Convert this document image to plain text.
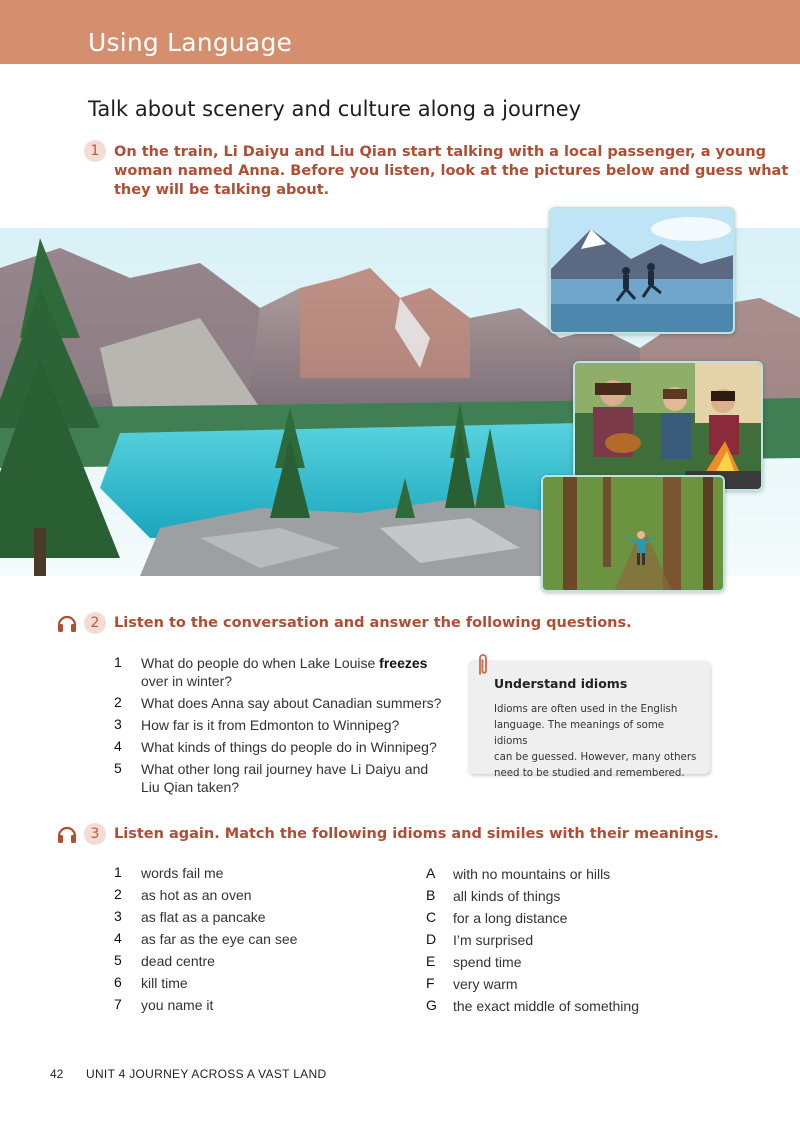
Using Language
Talk about scenery and culture along a journey
1	On the train, Li Daiyu and Liu Qian start talking with a local passenger, a young
woman named Anna. Before you listen, look at the pictures below and guess what
they will be talking about.
2	Listen to the conversation and answer the following questions.
1	What do people do when Lake Louise freezes
over in winter?
2	What does Anna say about Canadian summers?
3	How far is it from Edmonton to Winnipeg?
4	What kinds of things do people do in Winnipeg?
5	What other long rail journey have Li Daiyu and
Liu Qian taken?
Understand idioms
Idioms are often used in the English
language. The meanings of some idioms
can be guessed. However, many others
need to be studied and remembered.
3	Listen again. Match the following idioms and similes with their meanings.
1	words fail me
2	as hot as an oven
3	as flat as a pancake
4	as far as the eye can see
5	dead centre
6	kill time
7	you name it
A	with no mountains or hills
B	all kinds of things
C	for a long distance
D	I’m surprised
E	spend time
F	very warm
G	the exact middle of something
42 UNIT 4 JOURNEY ACROSS A VAST LAND
